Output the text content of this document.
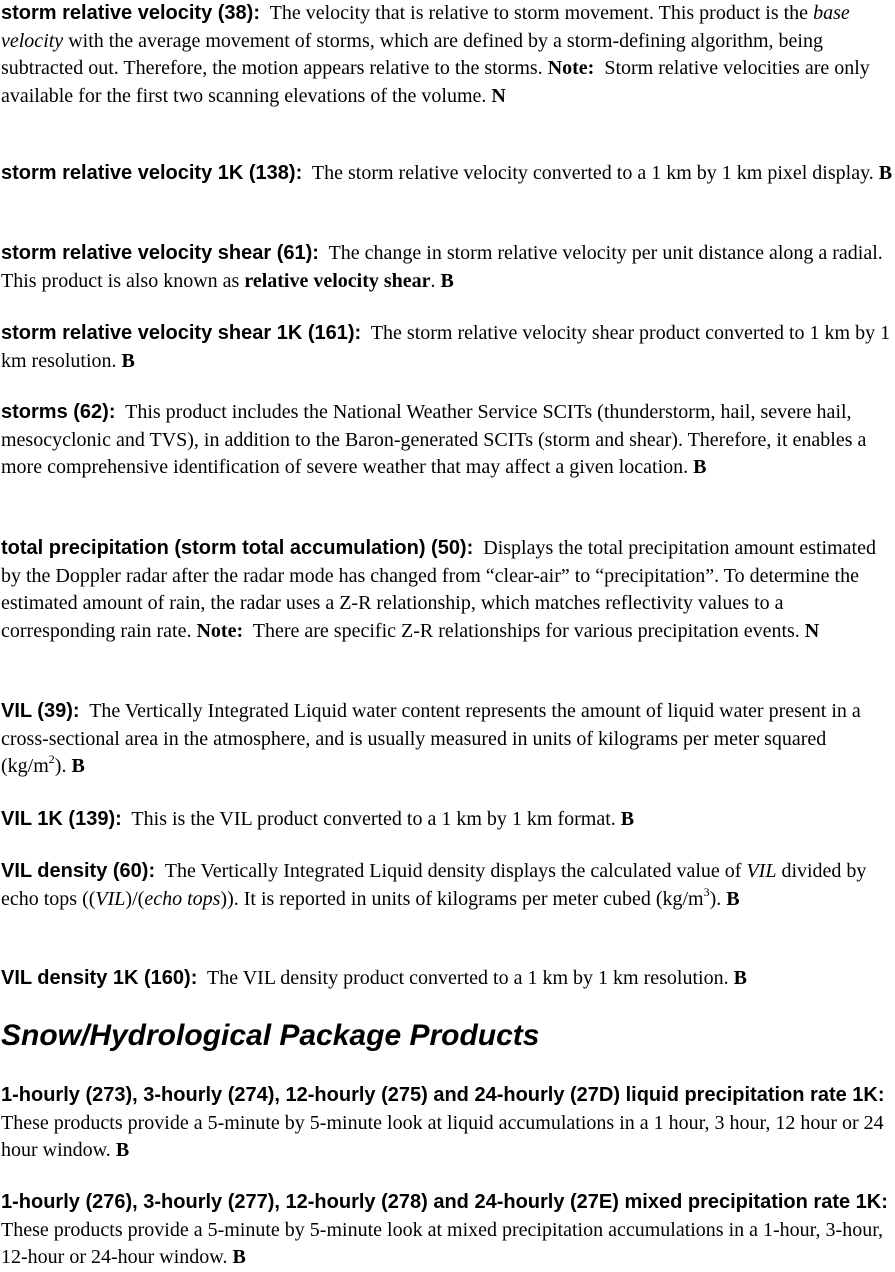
storm relative velocity (38): The velocity that is relative to storm movement. This product is the base velocity with the average movement of storms, which are defined by a storm-defining algorithm, being subtracted out. Therefore, the motion appears relative to the storms. Note: Storm relative velocities are only available for the first two scanning elevations of the volume. N

storm relative velocity 1K (138): The storm relative velocity converted to a 1 km by 1 km pixel display. B

storm relative velocity shear (61): The change in storm relative velocity per unit distance along a radial. This product is also known as relative velocity shear. B

storm relative velocity shear 1K (161): The storm relative velocity shear product converted to 1 km by 1 km resolution. B

storms (62): This product includes the National Weather Service SCITs (thunderstorm, hail, severe hail, mesocyclonic and TVS), in addition to the Baron-generated SCITs (storm and shear). Therefore, it enables a more comprehensive identification of severe weather that may affect a given location. B

total precipitation (storm total accumulation) (50): Displays the total precipitation amount estimated by the Doppler radar after the radar mode has changed from “clear-air” to “precipitation”. To determine the estimated amount of rain, the radar uses a Z-R relationship, which matches reflectivity values to a corresponding rain rate. Note: There are specific Z-R relationships for various precipitation events. N

VIL (39): The Vertically Integrated Liquid water content represents the amount of liquid water present in a cross-sectional area in the atmosphere, and is usually measured in units of kilograms per meter squared $(kg/m^2)$. B

VIL 1K (139): This is the VIL product converted to a 1 km by 1 km format. B

VIL density (60): The Vertically Integrated Liquid density displays the calculated value of VIL divided by echo tops ((VIL)/(echo tops)). It is reported in units of kilograms per meter cubed $(kg/m^3)$. B

VIL density 1K (160): The VIL density product converted to a 1 km by 1 km resolution. B

Snow/Hydrological Package Products

1-hourly (273), 3-hourly (274), 12-hourly (275) and 24-hourly (27D) liquid precipitation rate 1K:  These products provide a 5-minute by 5-minute look at liquid accumulations in a 1 hour, 3 hour, 12 hour or 24 hour window. B

1-hourly (276), 3-hourly (277), 12-hourly (278) and 24-hourly (27E) mixed precipitation rate 1K:  These products provide a 5-minute by 5-minute look at mixed precipitation accumulations in a 1-hour, 3-hour, 12-hour or 24-hour window. B
